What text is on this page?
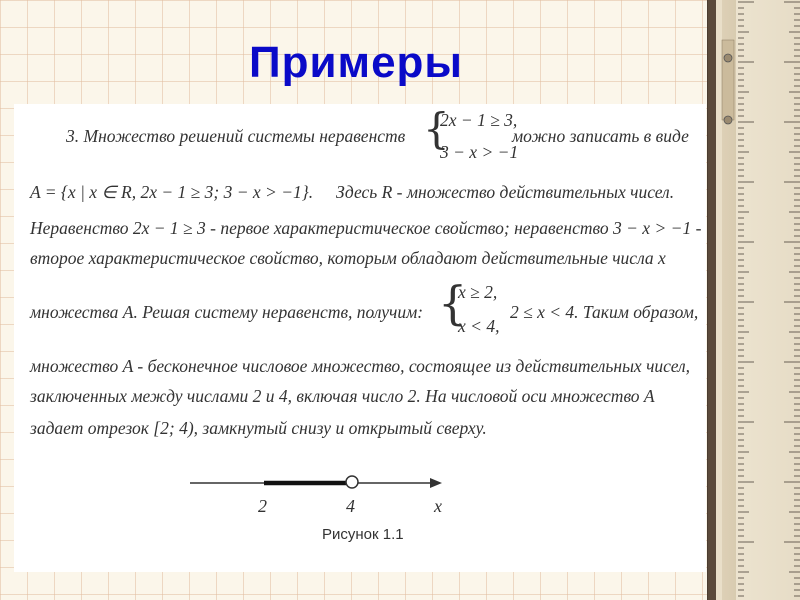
Примеры
3. Множество решений системы неравенств {
2x − 1 ≥ 3,
3 − x > −1
можно записать в виде
A = {x | x ∈ R, 2x − 1 ≥ 3; 3 − x > −1}. Здесь R - множество действительных чисел.
Неравенство 2x − 1 ≥ 3 - первое характеристическое свойство; неравенство 3 − x > −1 -
второе характеристическое свойство, которым обладают действительные числа x
множества A. Решая систему неравенств, получим: {
x ≥ 2,
x < 4,
2 ≤ x < 4. Таким образом,
множество A - бесконечное числовое множество, состоящее из действительных чисел,
заключенных между числами 2 и 4, включая число 2. На числовой оси множество A
задает отрезок [2; 4), замкнутый снизу и открытый сверху.
2	4	x
Рисунок 1.1
